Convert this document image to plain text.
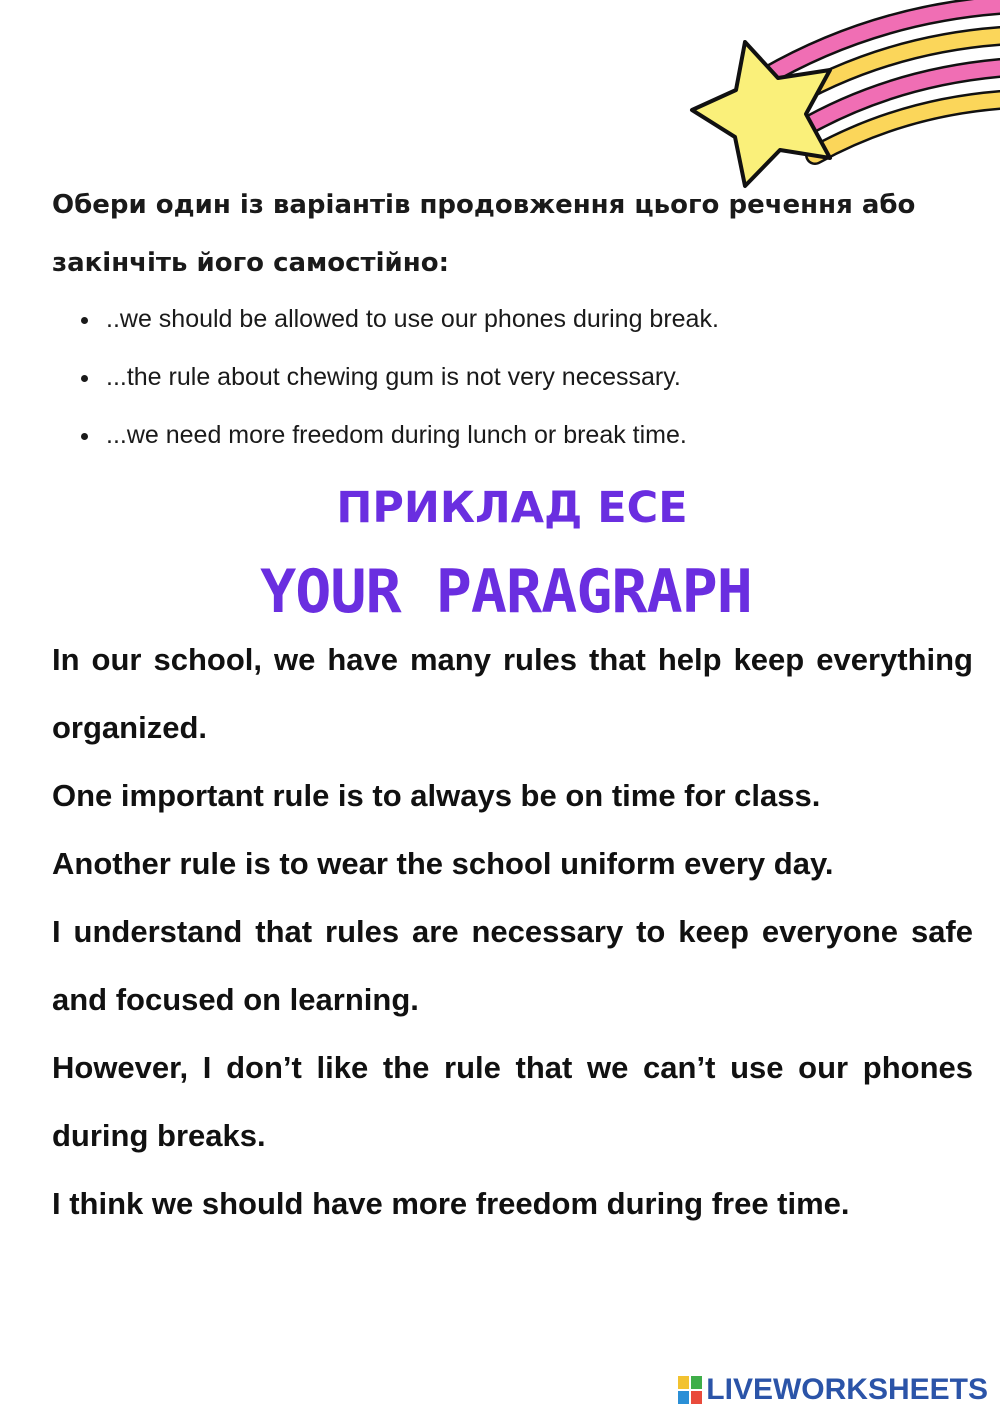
Обери один із варіантів продовження цього речення або закінчіть його самостійно:

• ..we should be allowed to use our phones during break.
• ...the rule about chewing gum is not very necessary.
• ...we need more freedom during lunch or break time.
ПРИКЛАД ЕСЕ
YOUR PARAGRAPH

In our school, we have many rules that help keep everything organized.

One important rule is to always be on time for class.

Another rule is to wear the school uniform every day.

I understand that rules are necessary to keep everyone safe and focused on learning.

However, I don’t like the rule that we can’t use our phones during breaks.

I think we should have more freedom during free time.

LIVEWORKSHEETS
